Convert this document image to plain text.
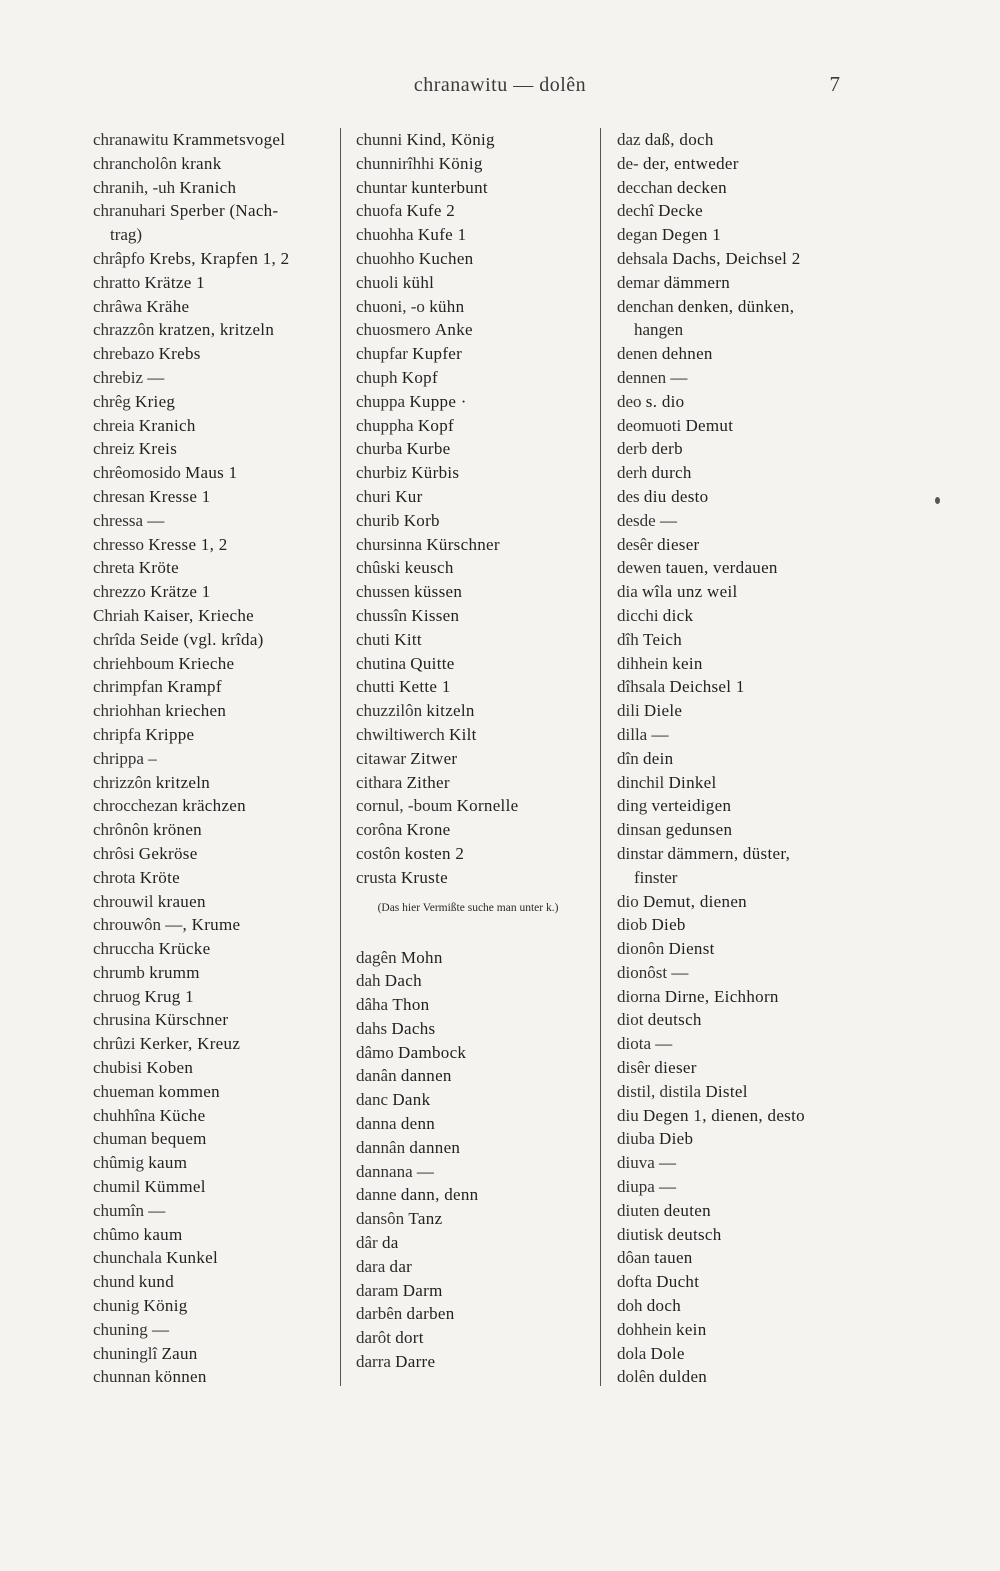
chranawitu — dolên	7
chranawitu Krammetsvogel
chrancholôn krank
chranih, -uh Kranich
chranuhari Sperber (Nach-
trag)
chrâpfo Krebs, Krapfen 1, 2
chratto Krätze 1
chrâwa Krähe
chrazzôn kratzen, kritzeln
chrebazo Krebs
chrebiz —
chrêg Krieg
chreia Kranich
chreiz Kreis
chrêomosido Maus 1
chresan Kresse 1
chressa —
chresso Kresse 1, 2
chreta Kröte
chrezzo Krätze 1
Chriah Kaiser, Krieche
chrîda Seide (vgl. krîda)
chriehboum Krieche
chrimpfan Krampf
chriohhan kriechen
chripfa Krippe
chrippa –
chrizzôn kritzeln
chrocchezan krächzen
chrônôn krönen
chrôsi Gekröse
chrota Kröte
chrouwil krauen
chrouwôn —, Krume
chruccha Krücke
chrumb krumm
chruog Krug 1
chrusina Kürschner
chrûzi Kerker, Kreuz
chubisi Koben
chueman kommen
chuhhîna Küche
chuman bequem
chûmig kaum
chumil Kümmel
chumîn —
chûmo kaum
chunchala Kunkel
chund kund
chunig König
chuning —
chuninglî Zaun
chunnan können
chunni Kind, König
chunnirîhhi König
chuntar kunterbunt
chuofa Kufe 2
chuohha Kufe 1
chuohho Kuchen
chuoli kühl
chuoni, -o kühn
chuosmero Anke
chupfar Kupfer
chuph Kopf
chuppa Kuppe ·
chuppha Kopf
churba Kurbe
churbiz Kürbis
churi Kur
churib Korb
chursinna Kürschner
chûski keusch
chussen küssen
chussîn Kissen
chuti Kitt
chutina Quitte
chutti Kette 1
chuzzilôn kitzeln
chwiltiwerch Kilt
citawar Zitwer
cithara Zither
cornul, -boum Kornelle
corôna Krone
costôn kosten 2
crusta Kruste
(Das hier Vermißte suche man unter k.)
dagên Mohn
dah Dach
dâha Thon
dahs Dachs
dâmo Dambock
danân dannen
danc Dank
danna denn
dannân dannen
dannana —
danne dann, denn
dansôn Tanz
dâr da
dara dar
daram Darm
darbên darben
darôt dort
darra Darre
daz daß, doch
de- der, entweder
decchan decken
dechî Decke
degan Degen 1
dehsala Dachs, Deichsel 2
demar dämmern
denchan denken, dünken,
hangen
denen dehnen
dennen —
deo s. dio
deomuoti Demut
derb derb
derh durch
des diu desto
desde —
desêr dieser
dewen tauen, verdauen
dia wîla unz weil
dicchi dick
dîh Teich
dihhein kein
dîhsala Deichsel 1
dili Diele
dilla —
dîn dein
dinchil Dinkel
ding verteidigen
dinsan gedunsen
dinstar dämmern, düster,
finster
dio Demut, dienen
diob Dieb
dionôn Dienst
dionôst —
diorna Dirne, Eichhorn
diot deutsch
diota —
disêr dieser
distil, distila Distel
diu Degen 1, dienen, desto
diuba Dieb
diuva —
diupa —
diuten deuten
diutisk deutsch
dôan tauen
dofta Ducht
doh doch
dohhein kein
dola Dole
dolên dulden
